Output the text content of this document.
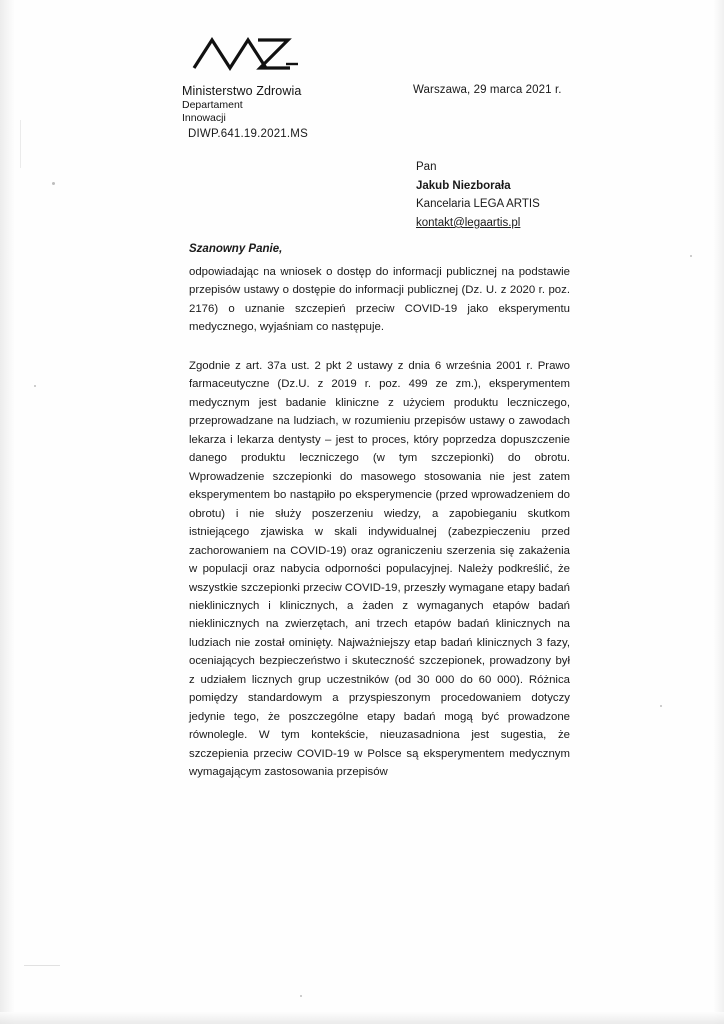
Ministerstwo Zdrowia
Departament
Innowacji
Warszawa, 29 marca 2021 r.
DIWP.641.19.2021.MS
Pan
Jakub Niezborała
Kancelaria LEGA ARTIS
kontakt@legaartis.pl
Szanowny Panie,

odpowiadając na wniosek o dostęp do informacji publicznej na podstawie przepisów ustawy o dostępie do informacji publicznej (Dz. U. z 2020 r. poz. 2176) o uznanie szczepień przeciw COVID-19 jako eksperymentu medycznego, wyjaśniam co następuje.

Zgodnie z art. 37a ust. 2 pkt 2 ustawy z dnia 6 września 2001 r. Prawo farmaceutyczne (Dz.U. z 2019 r. poz. 499 ze zm.), eksperymentem medycznym jest badanie kliniczne z użyciem produktu leczniczego, przeprowadzane na ludziach, w rozumieniu przepisów ustawy o zawodach lekarza i lekarza dentysty – jest to proces, który poprzedza dopuszczenie danego produktu leczniczego (w tym szczepionki) do obrotu. Wprowadzenie szczepionki do masowego stosowania nie jest zatem eksperymentem bo nastąpiło po eksperymencie (przed wprowadzeniem do obrotu) i nie służy poszerzeniu wiedzy, a zapobieganiu skutkom istniejącego zjawiska w skali indywidualnej (zabezpieczeniu przed zachorowaniem na COVID-19) oraz ograniczeniu szerzenia się zakażenia w populacji oraz nabycia odporności populacyjnej. Należy podkreślić, że wszystkie szczepionki przeciw COVID-19, przeszły wymagane etapy badań nieklinicznych i klinicznych, a żaden z wymaganych etapów badań nieklinicznych na zwierzętach, ani trzech etapów badań klinicznych na ludziach nie został ominięty. Najważniejszy etap badań klinicznych 3 fazy, oceniających bezpieczeństwo i skuteczność szczepionek, prowadzony był z udziałem licznych grup uczestników (od 30 000 do 60 000). Różnica pomiędzy standardowym a przyspieszonym procedowaniem dotyczy jedynie tego, że poszczególne etapy badań mogą być prowadzone równolegle. W tym kontekście, nieuzasadniona jest sugestia, że szczepienia przeciw COVID-19 w Polsce są eksperymentem medycznym wymagającym zastosowania przepisów
